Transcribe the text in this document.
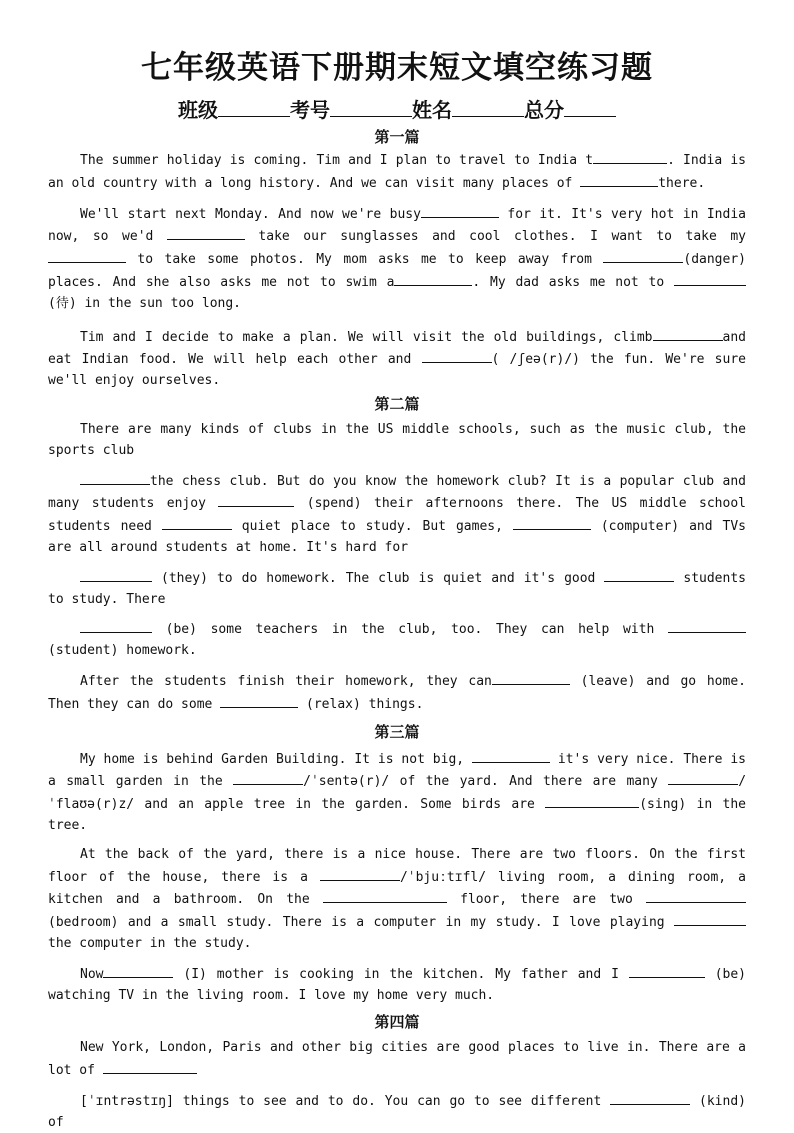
七年级英语下册期末短文填空练习题
班级	考号	姓名	总分
第一篇
The summer holiday is coming. Tim and I plan to travel to India t	. India is an old country with a long history. And we can visit many places of	there.
We'll start next Monday. And now we're busy	for it. It's very hot in India now, so we'd	take our sunglasses and cool clothes. I want to take my  to take some photos. My mom asks me to keep away from	(danger) places. And she also asks me not to swim a	. My dad asks me not to  (待) in the sun too long.
Tim and I decide to make a plan. We will visit the old buildings, climb	and eat Indian food. We will help each other and	( /ʃeə(r)/) the fun. We're sure we'll enjoy ourselves.
第二篇
There are many kinds of clubs in the US middle schools, such as the music club, the sports club
the chess club. But do you know the homework club? It is a popular club and many students enjoy	(spend) their afternoons there. The US middle school students need	quiet place to study. But games,	(computer) and TVs are all around students at home. It's hard for
(they) to do homework. The club is quiet and it's good	students to study. There
(be) some teachers in the club, too. They can help with  (student) homework.
After the students finish their homework, they can	(leave) and go home. Then they can do some	(relax) things.
第三篇
My home is behind Garden Building. It is not big,	it's very nice. There is a small garden in the	/ˈsentə(r)/ of the yard. And there are many	/ˈflaʊə(r)z/ and an apple tree in the garden. Some birds are	(sing) in the tree.
At the back of the yard, there is a nice house. There are two floors. On the first floor of the house, there is a	/ˈbjuːtɪfl/ living room, a dining room, a kitchen and a bathroom. On the	floor, there are two  (bedroom) and a small study. There is a computer in my study. I love playing  the computer in the study.
Now	(I) mother is cooking in the kitchen. My father and I	(be) watching TV in the living room. I love my home very much.
第四篇
New York, London, Paris and other big cities are good places to live in. There are a lot of
[ˈɪntrəstɪŋ] things to see and to do. You can go to see different	(kind) of
